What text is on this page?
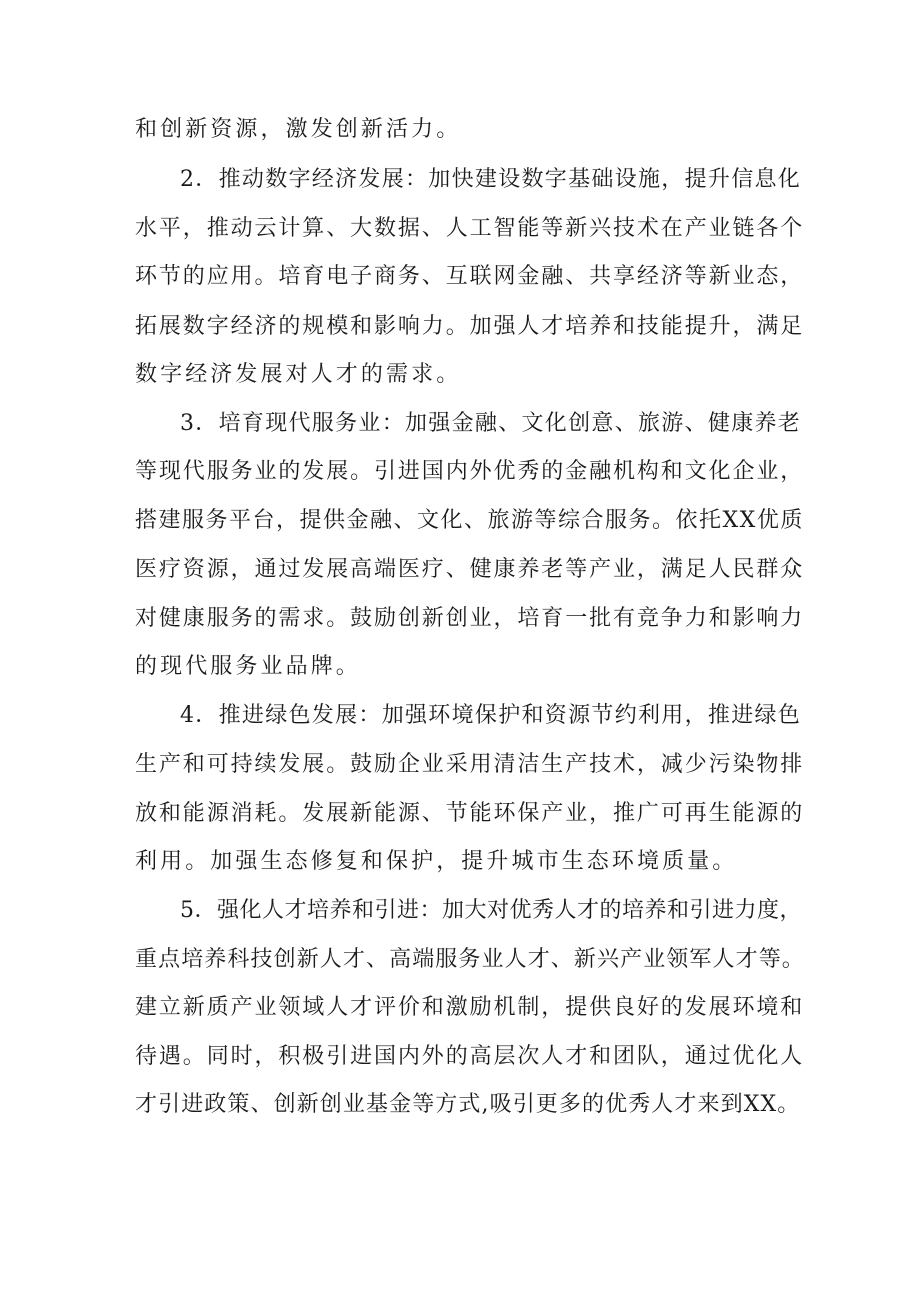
和创新资源，激发创新活力。
2．推动数字经济发展：加快建设数字基础设施，提升信息化
水平，推动云计算、大数据、人工智能等新兴技术在产业链各个
环节的应用。培育电子商务、互联网金融、共享经济等新业态，
拓展数字经济的规模和影响力。加强人才培养和技能提升，满足
数字经济发展对人才的需求。
3．培育现代服务业：加强金融、文化创意、旅游、健康养老
等现代服务业的发展。引进国内外优秀的金融机构和文化企业，
搭建服务平台，提供金融、文化、旅游等综合服务。依托XX优质
医疗资源，通过发展高端医疗、健康养老等产业，满足人民群众
对健康服务的需求。鼓励创新创业，培育一批有竞争力和影响力
的现代服务业品牌。
4．推进绿色发展：加强环境保护和资源节约利用，推进绿色
生产和可持续发展。鼓励企业采用清洁生产技术，减少污染物排
放和能源消耗。发展新能源、节能环保产业，推广可再生能源的
利用。加强生态修复和保护，提升城市生态环境质量。
5．强化人才培养和引进：加大对优秀人才的培养和引进力度，
重点培养科技创新人才、高端服务业人才、新兴产业领军人才等。
建立新质产业领域人才评价和激励机制，提供良好的发展环境和
待遇。同时，积极引进国内外的高层次人才和团队，通过优化人
才引进政策、创新创业基金等方式,吸引更多的优秀人才来到XX。
